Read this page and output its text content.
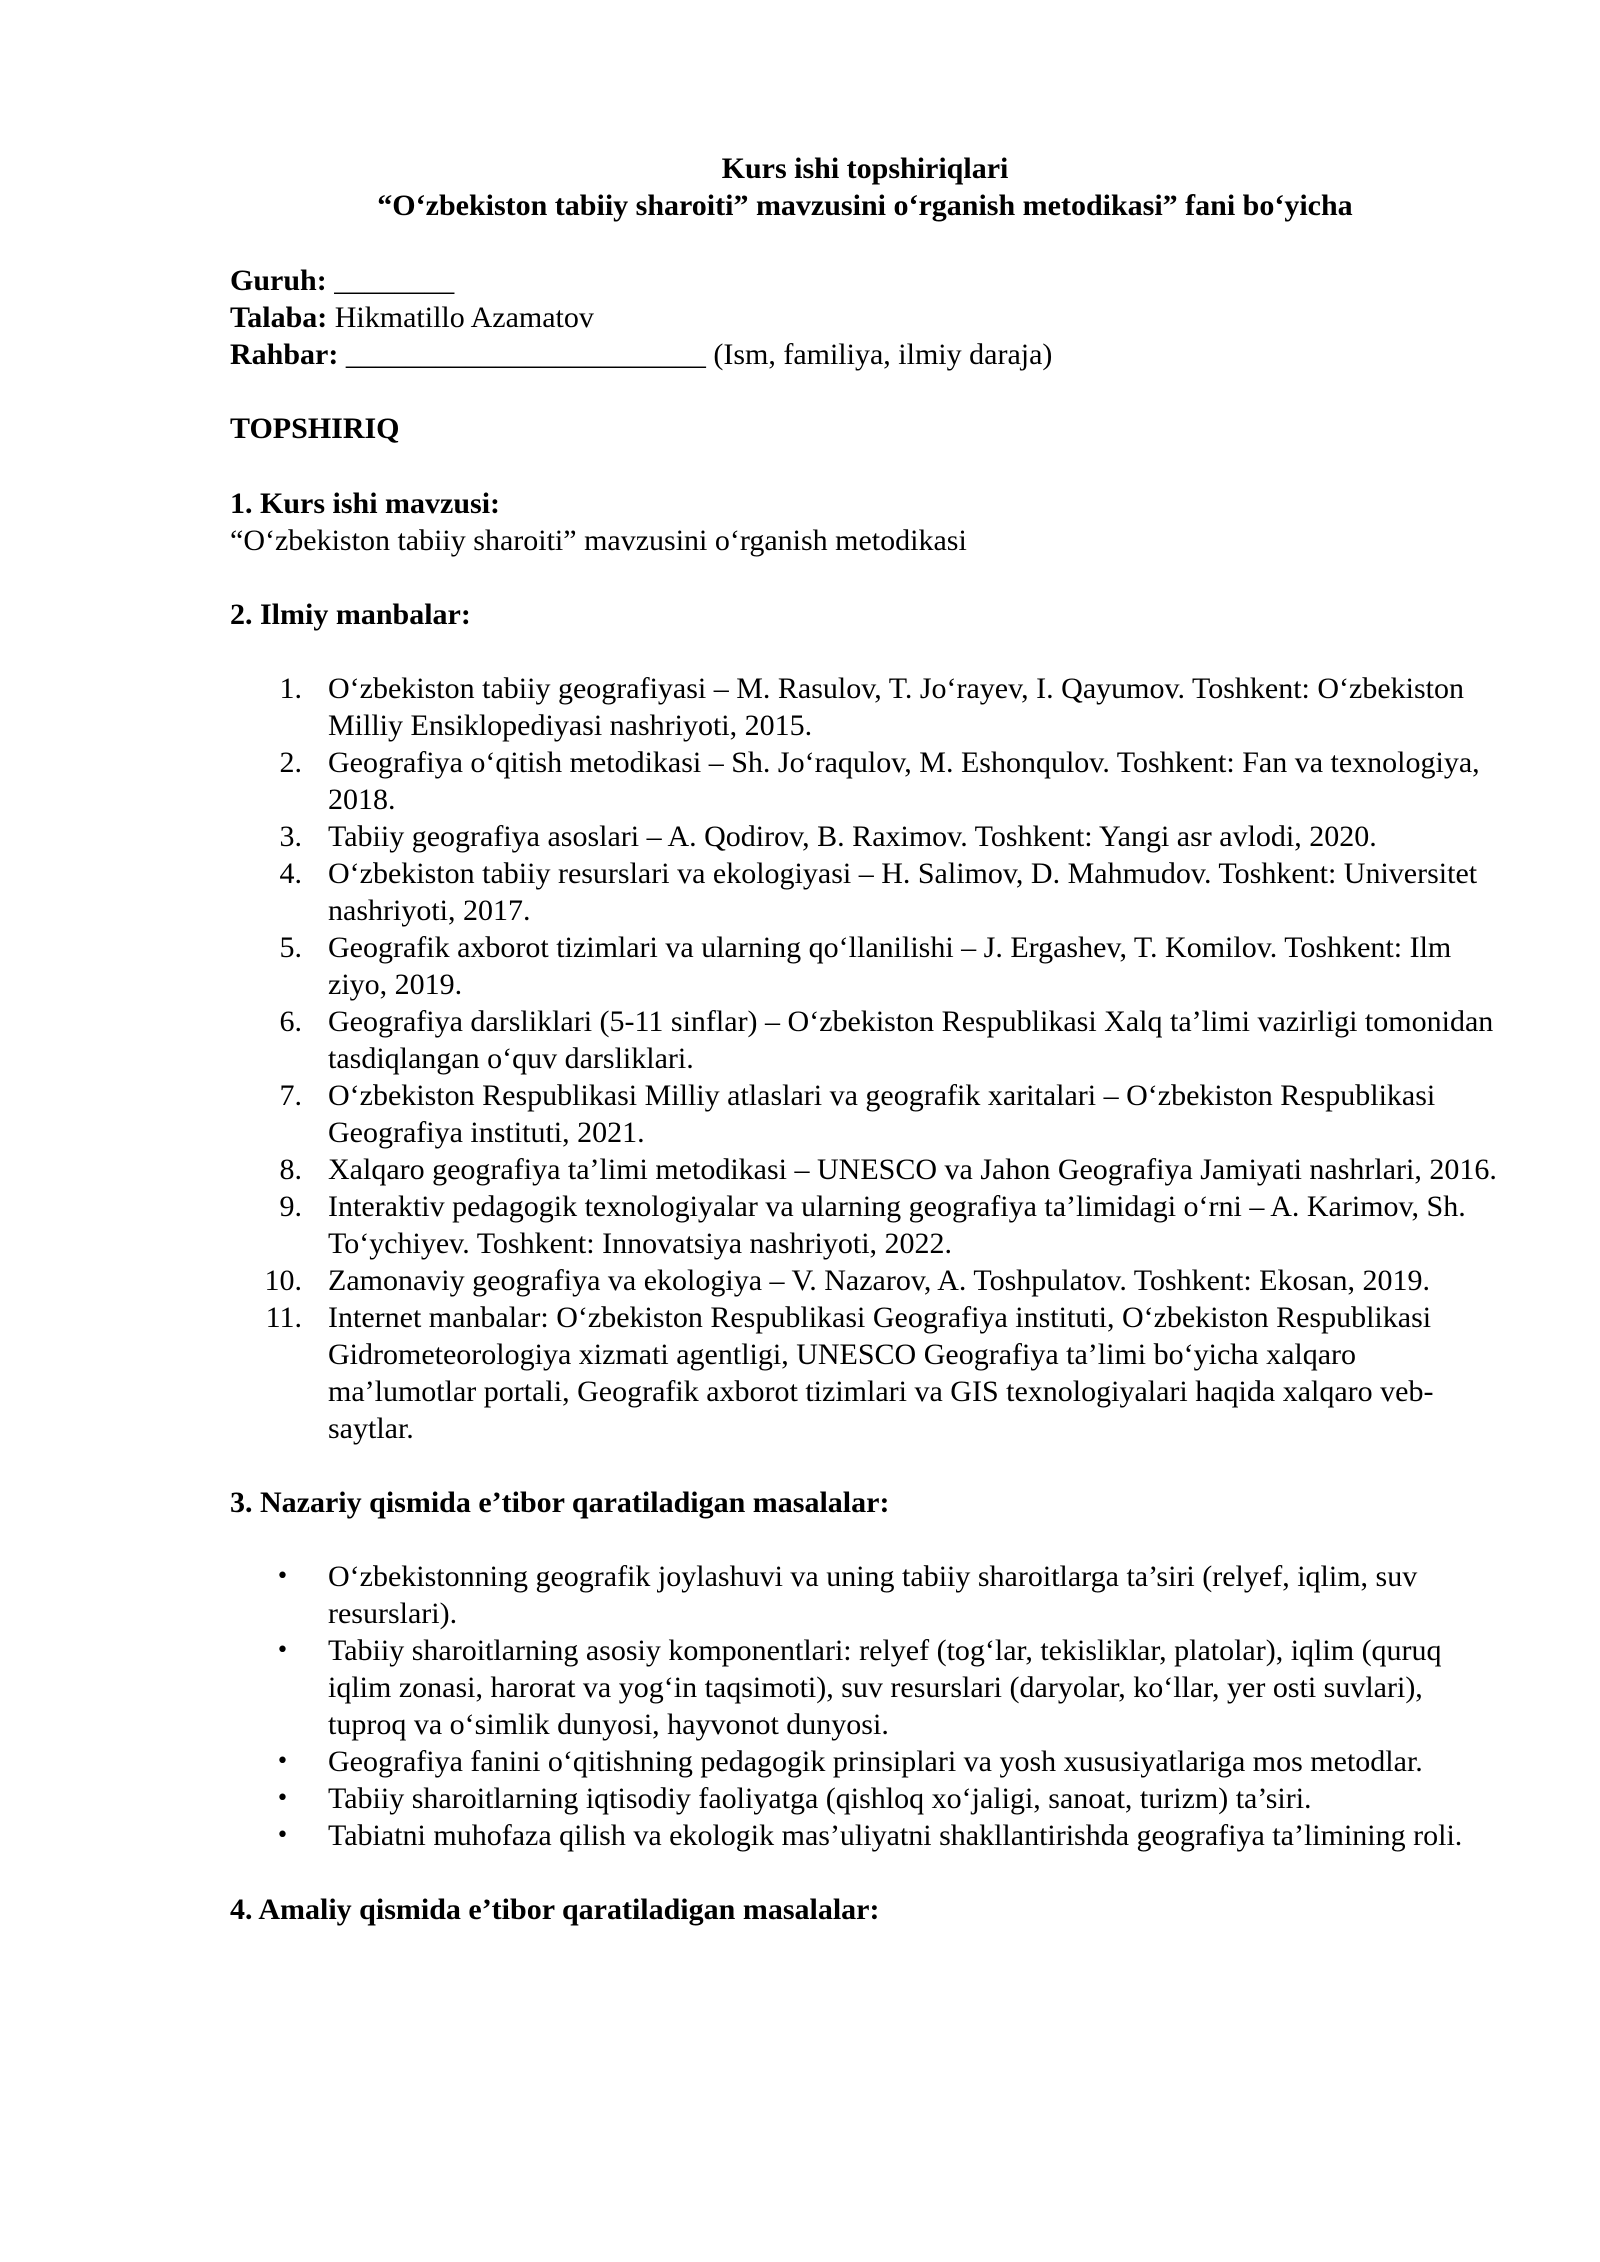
Kurs ishi topshiriqlari

“O‘zbekiston tabiiy sharoiti” mavzusini o‘rganish metodikasi” fani bo‘yicha

Guruh: ________

Talaba: Hikmatillo Azamatov

Rahbar: ________________________ (Ism, familiya, ilmiy daraja)

TOPSHIRIQ

1. Kurs ishi mavzusi:

“O‘zbekiston tabiiy sharoiti” mavzusini o‘rganish metodikasi

2. Ilmiy manbalar:

1. O‘zbekiston tabiiy geografiyasi – M. Rasulov, T. Jo‘rayev, I. Qayumov. Toshkent: O‘zbekiston Milliy Ensiklopediyasi nashriyoti, 2015.
2. Geografiya o‘qitish metodikasi – Sh. Jo‘raqulov, M. Eshonqulov. Toshkent: Fan va texnologiya, 2018.
3. Tabiiy geografiya asoslari – A. Qodirov, B. Raximov. Toshkent: Yangi asr avlodi, 2020.
4. O‘zbekiston tabiiy resurslari va ekologiyasi – H. Salimov, D. Mahmudov. Toshkent: Universitet nashriyoti, 2017.
5. Geografik axborot tizimlari va ularning qo‘llanilishi – J. Ergashev, T. Komilov. Toshkent: Ilm ziyo, 2019.
6. Geografiya darsliklari (5-11 sinflar) – O‘zbekiston Respublikasi Xalq ta’limi vazirligi tomonidan tasdiqlangan o‘quv darsliklari.
7. O‘zbekiston Respublikasi Milliy atlaslari va geografik xaritalari – O‘zbekiston Respublikasi Geografiya instituti, 2021.
8. Xalqaro geografiya ta’limi metodikasi – UNESCO va Jahon Geografiya Jamiyati nashrlari, 2016.
9. Interaktiv pedagogik texnologiyalar va ularning geografiya ta’limidagi o‘rni – A. Karimov, Sh. To‘ychiyev. Toshkent: Innovatsiya nashriyoti, 2022.
10. Zamonaviy geografiya va ekologiya – V. Nazarov, A. Toshpulatov. Toshkent: Ekosan, 2019.
11. Internet manbalar: O‘zbekiston Respublikasi Geografiya instituti, O‘zbekiston Respublikasi Gidrometeorologiya xizmati agentligi, UNESCO Geografiya ta’limi bo‘yicha xalqaro ma’lumotlar portali, Geografik axborot tizimlari va GIS texnologiyalari haqida xalqaro veb-saytlar.

3. Nazariy qismida e’tibor qaratiladigan masalalar:

• O‘zbekistonning geografik joylashuvi va uning tabiiy sharoitlarga ta’siri (relyef, iqlim, suv resurslari).
• Tabiiy sharoitlarning asosiy komponentlari: relyef (tog‘lar, tekisliklar, platolar), iqlim (quruq iqlim zonasi, harorat va yog‘in taqsimoti), suv resurslari (daryolar, ko‘llar, yer osti suvlari), tuproq va o‘simlik dunyosi, hayvonot dunyosi.
• Geografiya fanini o‘qitishning pedagogik prinsiplari va yosh xususiyatlariga mos metodlar.
• Tabiiy sharoitlarning iqtisodiy faoliyatga (qishloq xo‘jaligi, sanoat, turizm) ta’siri.
• Tabiatni muhofaza qilish va ekologik mas’uliyatni shakllantirishda geografiya ta’limining roli.

4. Amaliy qismida e’tibor qaratiladigan masalalar:
